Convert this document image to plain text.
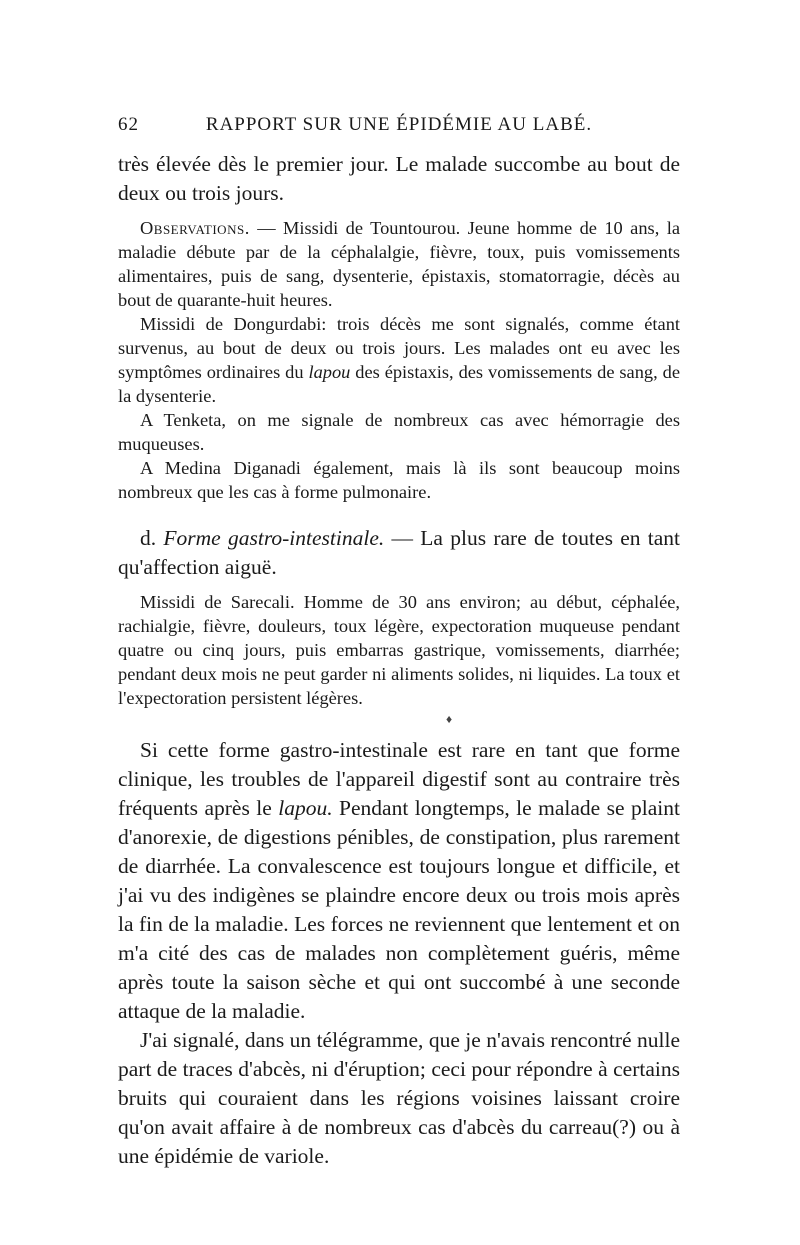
62	RAPPORT SUR UNE ÉPIDÉMIE AU LABÉ.

très élevée dès le premier jour. Le malade succombe au bout de deux ou trois jours.

Observations. — Missidi de Tountourou. Jeune homme de 10 ans, la maladie débute par de la céphalalgie, fièvre, toux, puis vomissements alimentaires, puis de sang, dysenterie, épistaxis, stomatorragie, décès au bout de quarante-huit heures.

Missidi de Dongurdabi: trois décès me sont signalés, comme étant survenus, au bout de deux ou trois jours. Les malades ont eu avec les symptômes ordinaires du lapou des épistaxis, des vomissements de sang, de la dysenterie.

A Tenketa, on me signale de nombreux cas avec hémorragie des muqueuses.

A Medina Diganadi également, mais là ils sont beaucoup moins nombreux que les cas à forme pulmonaire.

d. Forme gastro-intestinale. — La plus rare de toutes en tant qu'affection aiguë.

Missidi de Sarecali. Homme de 30 ans environ; au début, céphalée, rachialgie, fièvre, douleurs, toux légère, expectoration muqueuse pendant quatre ou cinq jours, puis embarras gastrique, vomissements, diarrhée; pendant deux mois ne peut garder ni aliments solides, ni liquides. La toux et l'expectoration persistent légères.

♦

Si cette forme gastro-intestinale est rare en tant que forme clinique, les troubles de l'appareil digestif sont au contraire très fréquents après le lapou. Pendant longtemps, le malade se plaint d'anorexie, de digestions pénibles, de constipation, plus rarement de diarrhée. La convalescence est toujours longue et difficile, et j'ai vu des indigènes se plaindre encore deux ou trois mois après la fin de la maladie. Les forces ne reviennent que lentement et on m'a cité des cas de malades non complètement guéris, même après toute la saison sèche et qui ont succombé à une seconde attaque de la maladie.

J'ai signalé, dans un télégramme, que je n'avais rencontré nulle part de traces d'abcès, ni d'éruption; ceci pour répondre à certains bruits qui couraient dans les régions voisines laissant croire qu'on avait affaire à de nombreux cas d'abcès du carreau(?) ou à une épidémie de variole.
